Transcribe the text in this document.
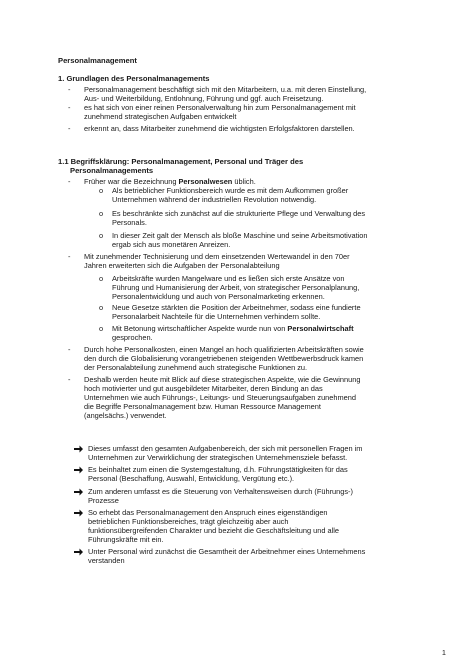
Personalmanagement
1. Grundlagen des Personalmanagements
- Personalmanagement beschäftigt sich mit den Mitarbeitern, u.a. mit deren Einstellung,
Aus- und Weiterbildung, Entlohnung, Führung und ggf. auch Freisetzung.
- es hat sich von einer reinen Personalverwaltung hin zum Personalmanagement mit
zunehmend strategischen Aufgaben entwickelt
- erkennt an, dass Mitarbeiter zunehmend die wichtigsten Erfolgsfaktoren darstellen.
1.1 Begriffsklärung: Personalmanagement, Personal und Träger des
Personalmanagements
- Früher war die Bezeichnung Personalwesen üblich.
o Als betrieblicher Funktionsbereich wurde es mit dem Aufkommen großer
Unternehmen während der industriellen Revolution notwendig.
o Es beschränkte sich zunächst auf die strukturierte Pflege und Verwaltung des
Personals.
o In dieser Zeit galt der Mensch als bloße Maschine und seine Arbeitsmotivation
ergab sich aus monetären Anreizen.
- Mit zunehmender Technisierung und dem einsetzenden Wertewandel in den 70er
Jahren erweiterten sich die Aufgaben der Personalabteilung
o Arbeitskräfte wurden Mangelware und es ließen sich erste Ansätze von
Führung und Humanisierung der Arbeit, von strategischer Personalplanung,
Personalentwicklung und auch von Personalmarketing erkennen.
o Neue Gesetze stärkten die Position der Arbeitnehmer, sodass eine fundierte
Personalarbeit Nachteile für die Unternehmen verhindern sollte.
o Mit Betonung wirtschaftlicher Aspekte wurde nun von Personalwirtschaft
gesprochen.
- Durch hohe Personalkosten, einen Mangel an hoch qualifizierten Arbeitskräften sowie
den durch die Globalisierung vorangetriebenen steigenden Wettbewerbsdruck kamen
der Personalabteilung zunehmend auch strategische Funktionen zu.
- Deshalb werden heute mit Blick auf diese strategischen Aspekte, wie die Gewinnung
hoch motivierter und gut ausgebildeter Mitarbeiter, deren Bindung an das
Unternehmen wie auch Führungs-, Leitungs- und Steuerungsaufgaben zunehmend
die Begriffe Personalmanagement bzw. Human Ressource Management
(angelsächs.) verwendet.
Dieses umfasst den gesamten Aufgabenbereich, der sich mit personellen Fragen im
Unternehmen zur Verwirklichung der strategischen Unternehmensziele befasst.
Es beinhaltet zum einen die Systemgestaltung, d.h. Führungstätigkeiten für das
Personal (Beschaffung, Auswahl, Entwicklung, Vergütung etc.).
Zum anderen umfasst es die Steuerung von Verhaltensweisen durch (Führungs-)
Prozesse
So erhebt das Personalmanagement den Anspruch eines eigenständigen
betrieblichen Funktionsbereiches, trägt gleichzeitig aber auch
funktionsübergreifenden Charakter und bezieht die Geschäftsleitung und alle
Führungskräfte mit ein.
Unter Personal wird zunächst die Gesamtheit der Arbeitnehmer eines Unternehmens
verstanden
1
